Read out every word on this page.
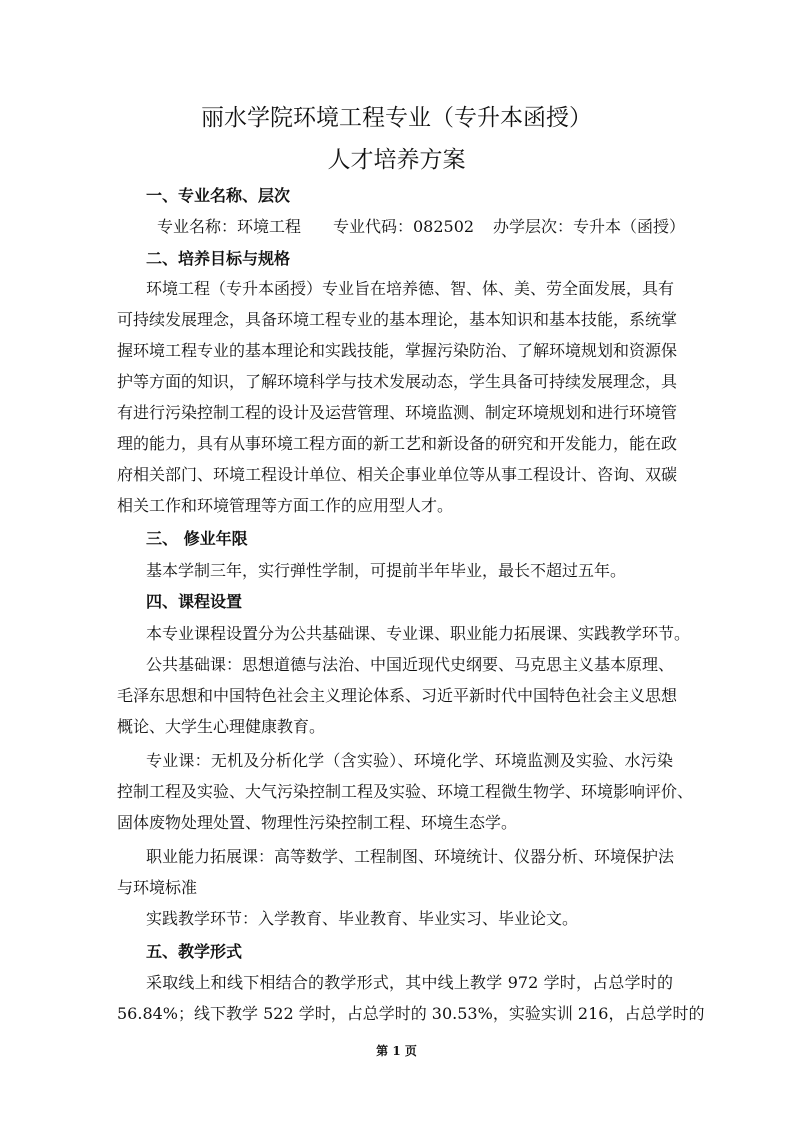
丽水学院环境工程专业（专升本函授）
人才培养方案
一、专业名称、层次
专业名称：环境工程 专业代码：082502 办学层次：专升本（函授）
二、培养目标与规格
环境工程（专升本函授）专业旨在培养德、智、体、美、劳全面发展，具有
可持续发展理念，具备环境工程专业的基本理论，基本知识和基本技能，系统掌
握环境工程专业的基本理论和实践技能，掌握污染防治、了解环境规划和资源保
护等方面的知识，了解环境科学与技术发展动态，学生具备可持续发展理念，具
有进行污染控制工程的设计及运营管理、环境监测、制定环境规划和进行环境管
理的能力，具有从事环境工程方面的新工艺和新设备的研究和开发能力，能在政
府相关部门、环境工程设计单位、相关企事业单位等从事工程设计、咨询、双碳
相关工作和环境管理等方面工作的应用型人才。
三、 修业年限
基本学制三年，实行弹性学制，可提前半年毕业，最长不超过五年。
四、课程设置
本专业课程设置分为公共基础课、专业课、职业能力拓展课、实践教学环节。
公共基础课：思想道德与法治、中国近现代史纲要、马克思主义基本原理、
毛泽东思想和中国特色社会主义理论体系、习近平新时代中国特色社会主义思想
概论、大学生心理健康教育。
专业课：无机及分析化学（含实验）、环境化学、环境监测及实验、水污染
控制工程及实验、大气污染控制工程及实验、环境工程微生物学、环境影响评价、
固体废物处理处置、物理性污染控制工程、环境生态学。
职业能力拓展课：高等数学、工程制图、环境统计、仪器分析、环境保护法
与环境标准
实践教学环节：入学教育、毕业教育、毕业实习、毕业论文。
五、教学形式
采取线上和线下相结合的教学形式，其中线上教学 972 学时，占总学时的
56.84%；线下教学 522 学时，占总学时的 30.53%，实验实训 216，占总学时的
第 1 页
